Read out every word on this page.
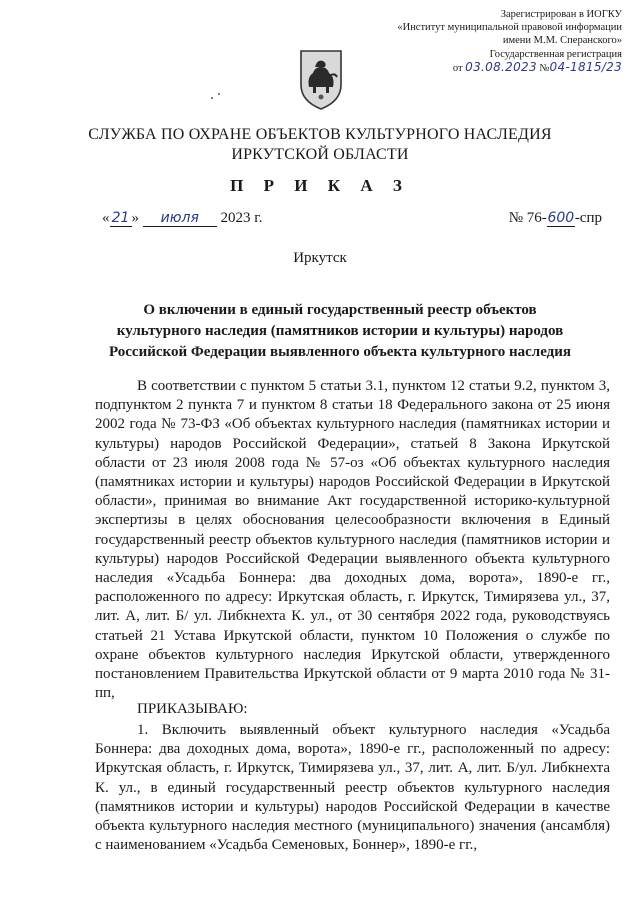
Зарегистрирован в ИОГКУ
«Институт муниципальной правовой информации
имени М.М. Сперанского»
Государственная регистрация
от 03.08.2023 №04-1815/23
СЛУЖБА ПО ОХРАНЕ ОБЪЕКТОВ КУЛЬТУРНОГО НАСЛЕДИЯ
ИРКУТСКОЙ ОБЛАСТИ
П Р И К А З
« 21 » июля 2023 г.	№ 76-600-спр
Иркутск
О включении в единый государственный реестр объектов культурного наследия (памятников истории и культуры) народов Российской Федерации выявленного объекта культурного наследия

В соответствии с пунктом 5 статьи 3.1, пунктом 12 статьи 9.2, пунктом 3, подпунктом 2 пункта 7 и пунктом 8 статьи 18 Федерального закона от 25 июня 2002 года № 73-ФЗ «Об объектах культурного наследия (памятниках истории и культуры) народов Российской Федерации», статьей 8 Закона Иркутской области от 23 июля 2008 года № 57-оз «Об объектах культурного наследия (памятниках истории и культуры) народов Российской Федерации в Иркутской области», принимая во внимание Акт государственной историко-культурной экспертизы в целях обоснования целесообразности включения в Единый государственный реестр объектов культурного наследия (памятников истории и культуры) народов Российской Федерации выявленного объекта культурного наследия «Усадьба Боннера: два доходных дома, ворота», 1890-е гг., расположенного по адресу: Иркутская область, г. Иркутск, Тимирязева ул., 37, лит. А, лит. Б/ ул. Либкнехта К. ул., от 30 сентября 2022 года, руководствуясь статьей 21 Устава Иркутской области, пунктом 10 Положения о службе по охране объектов культурного наследия Иркутской области, утвержденного постановлением Правительства Иркутской области от 9 марта 2010 года № 31-пп,

ПРИКАЗЫВАЮ:

1. Включить выявленный объект культурного наследия «Усадьба Боннера: два доходных дома, ворота», 1890-е гг., расположенный по адресу: Иркутская область, г. Иркутск, Тимирязева ул., 37, лит. А, лит. Б/ул. Либкнехта К. ул., в единый государственный реестр объектов культурного наследия (памятников истории и культуры) народов Российской Федерации в качестве объекта культурного наследия местного (муниципального) значения (ансамбля) с наименованием «Усадьба Семеновых, Боннер», 1890-е гг.,
